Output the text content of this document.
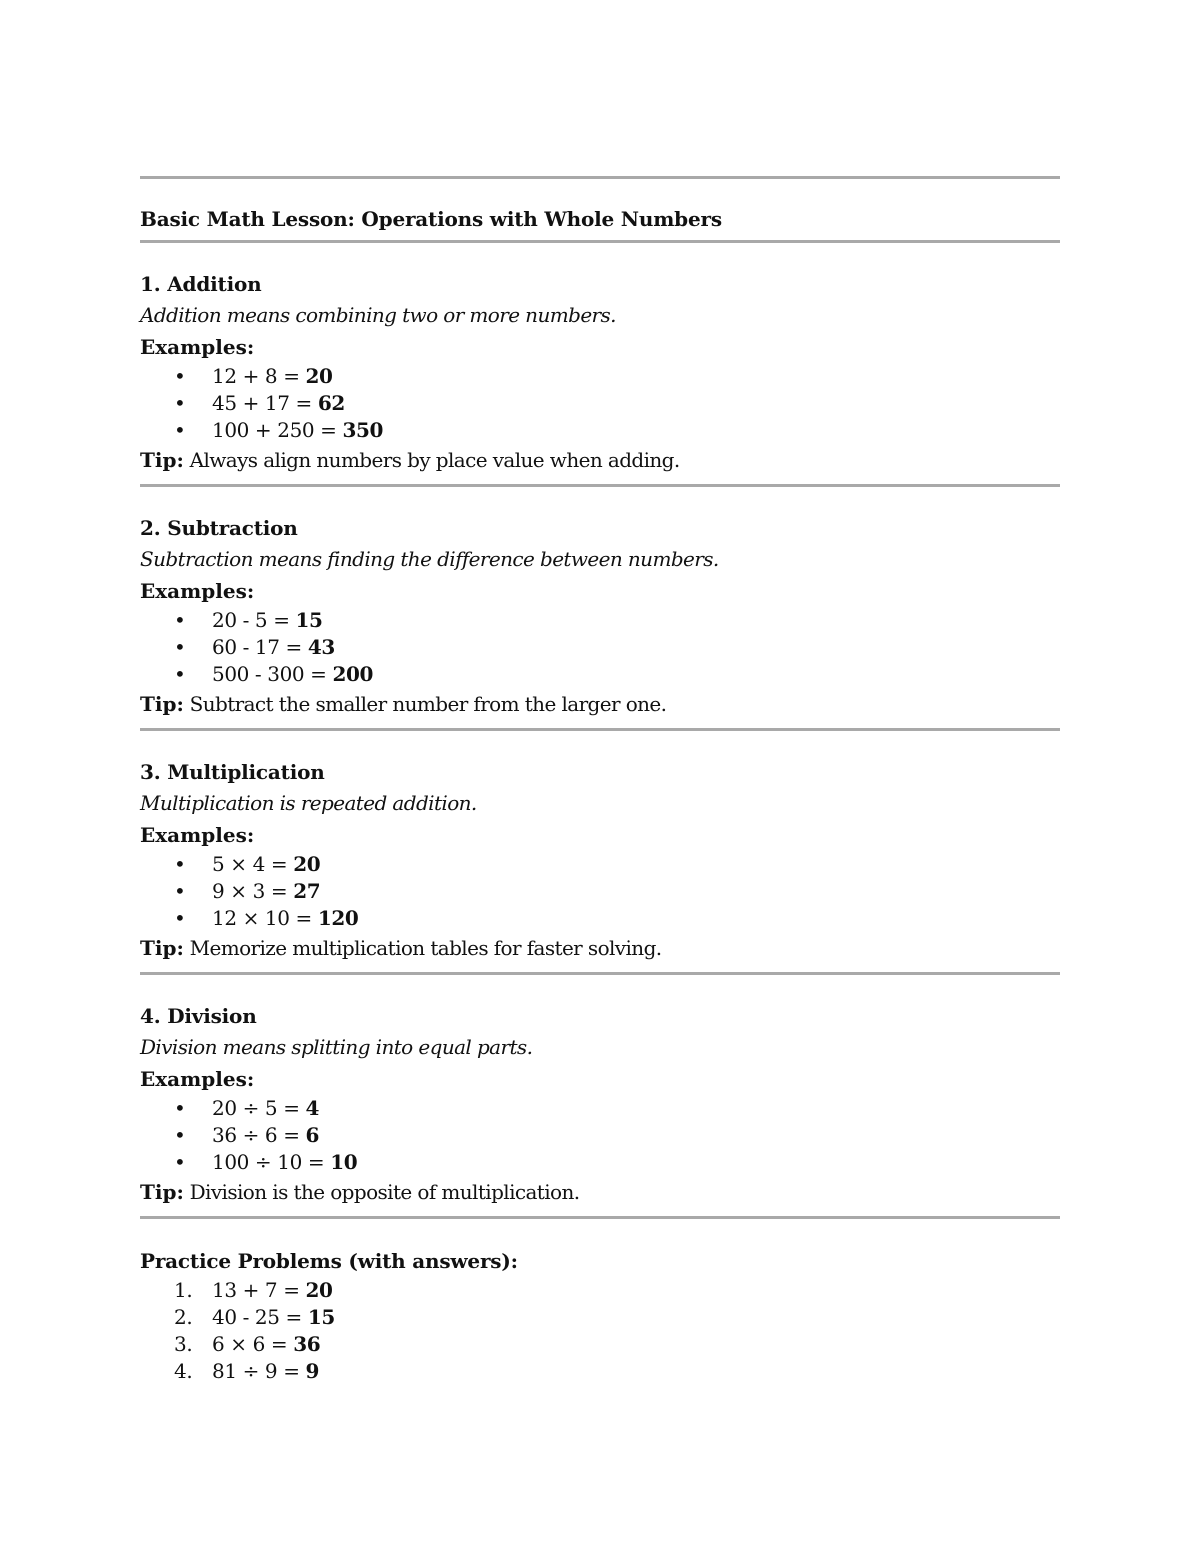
Basic Math Lesson: Operations with Whole Numbers
1. Addition
Addition means combining two or more numbers.
Examples:
• 12 + 8 = 20
• 45 + 17 = 62
• 100 + 250 = 350
Tip: Always align numbers by place value when adding.
2. Subtraction
Subtraction means finding the difference between numbers.
Examples:
• 20 - 5 = 15
• 60 - 17 = 43
• 500 - 300 = 200
Tip: Subtract the smaller number from the larger one.
3. Multiplication
Multiplication is repeated addition.
Examples:
• 5 × 4 = 20
• 9 × 3 = 27
• 12 × 10 = 120
Tip: Memorize multiplication tables for faster solving.
4. Division
Division means splitting into equal parts.
Examples:
• 20 ÷ 5 = 4
• 36 ÷ 6 = 6
• 100 ÷ 10 = 10
Tip: Division is the opposite of multiplication.
Practice Problems (with answers):
1. 13 + 7 = 20
2. 40 - 25 = 15
3. 6 × 6 = 36
4. 81 ÷ 9 = 9
